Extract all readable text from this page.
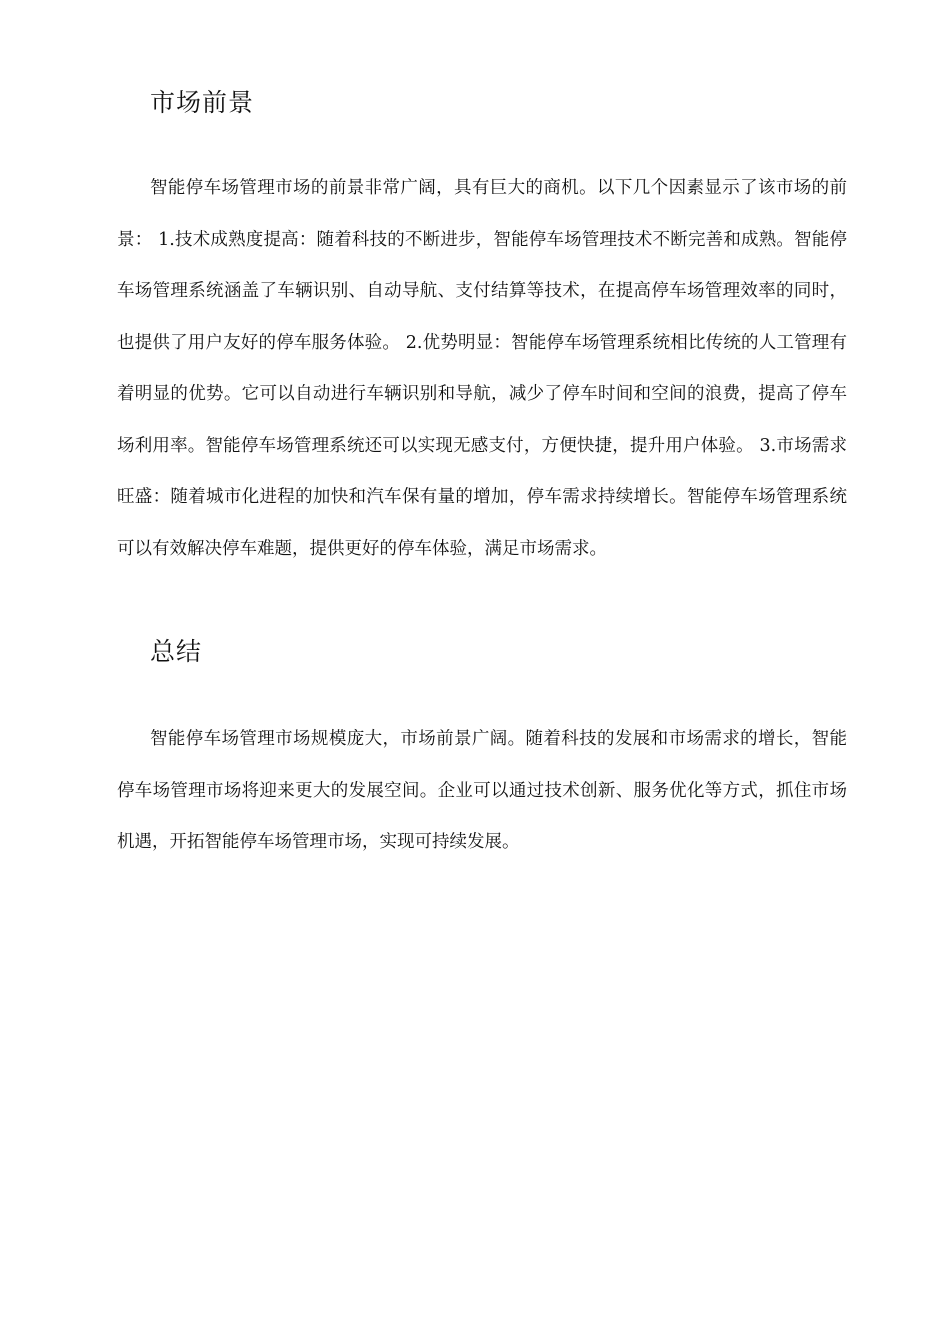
市场前景

智能停车场管理市场的前景非常广阔，具有巨大的商机。以下几个因素显示了该市场的前景： 1.技术成熟度提高：随着科技的不断进步，智能停车场管理技术不断完善和成熟。智能停车场管理系统涵盖了车辆识别、自动导航、支付结算等技术，在提高停车场管理效率的同时，也提供了用户友好的停车服务体验。 2.优势明显：智能停车场管理系统相比传统的人工管理有着明显的优势。它可以自动进行车辆识别和导航，减少了停车时间和空间的浪费，提高了停车场利用率。智能停车场管理系统还可以实现无感支付，方便快捷，提升用户体验。 3.市场需求旺盛：随着城市化进程的加快和汽车保有量的增加，停车需求持续增长。智能停车场管理系统可以有效解决停车难题，提供更好的停车体验，满足市场需求。

总结

智能停车场管理市场规模庞大，市场前景广阔。随着科技的发展和市场需求的增长，智能停车场管理市场将迎来更大的发展空间。企业可以通过技术创新、服务优化等方式，抓住市场机遇，开拓智能停车场管理市场，实现可持续发展。
